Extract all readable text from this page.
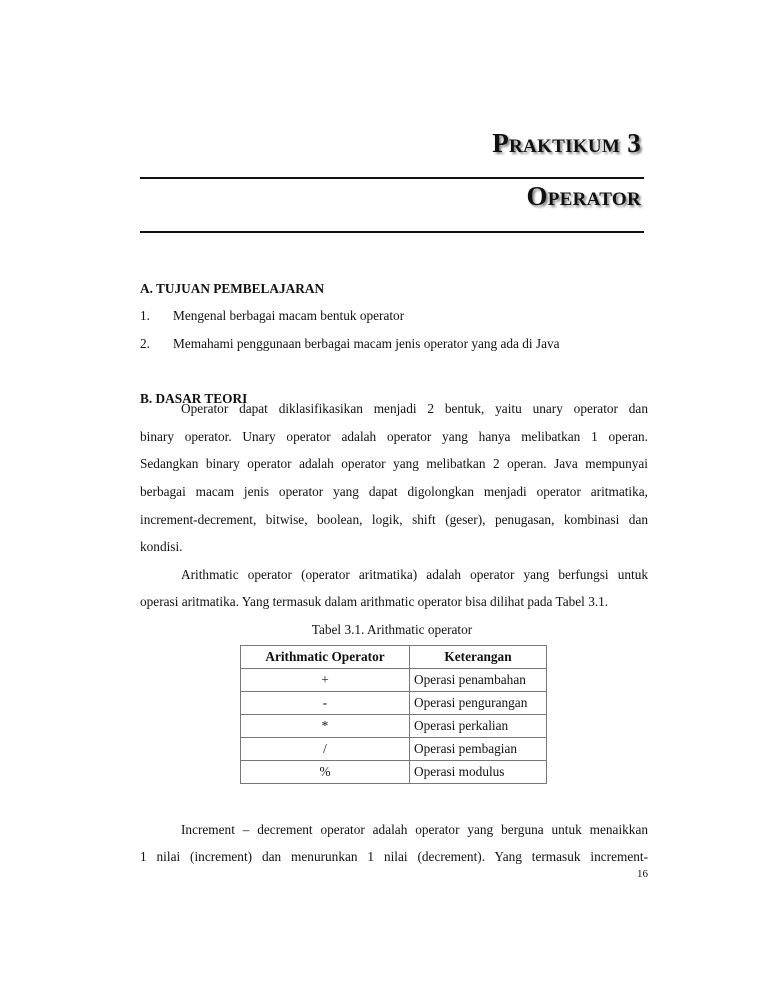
Praktikum 3
Operator
A. TUJUAN PEMBELAJARAN
1. Mengenal berbagai macam bentuk operator
2. Memahami penggunaan berbagai macam jenis operator yang ada di Java
B. DASAR TEORI
Operator dapat diklasifikasikan menjadi 2 bentuk, yaitu unary operator dan
binary operator. Unary operator adalah operator yang hanya melibatkan 1 operan.
Sedangkan binary operator adalah operator yang melibatkan 2 operan. Java mempunyai
berbagai macam jenis operator yang dapat digolongkan menjadi operator aritmatika,
increment-decrement, bitwise, boolean, logik, shift (geser), penugasan, kombinasi dan
kondisi.
Arithmatic operator (operator aritmatika) adalah operator yang berfungsi untuk
operasi aritmatika. Yang termasuk dalam arithmatic operator bisa dilihat pada Tabel 3.1.
Tabel 3.1. Arithmatic operator
Arithmatic Operator	Keterangan
+	Operasi penambahan
-	Operasi pengurangan
*	Operasi perkalian
/	Operasi pembagian
%	Operasi modulus
Increment – decrement operator adalah operator yang berguna untuk menaikkan
1 nilai (increment) dan menurunkan 1 nilai (decrement). Yang termasuk increment-
16
